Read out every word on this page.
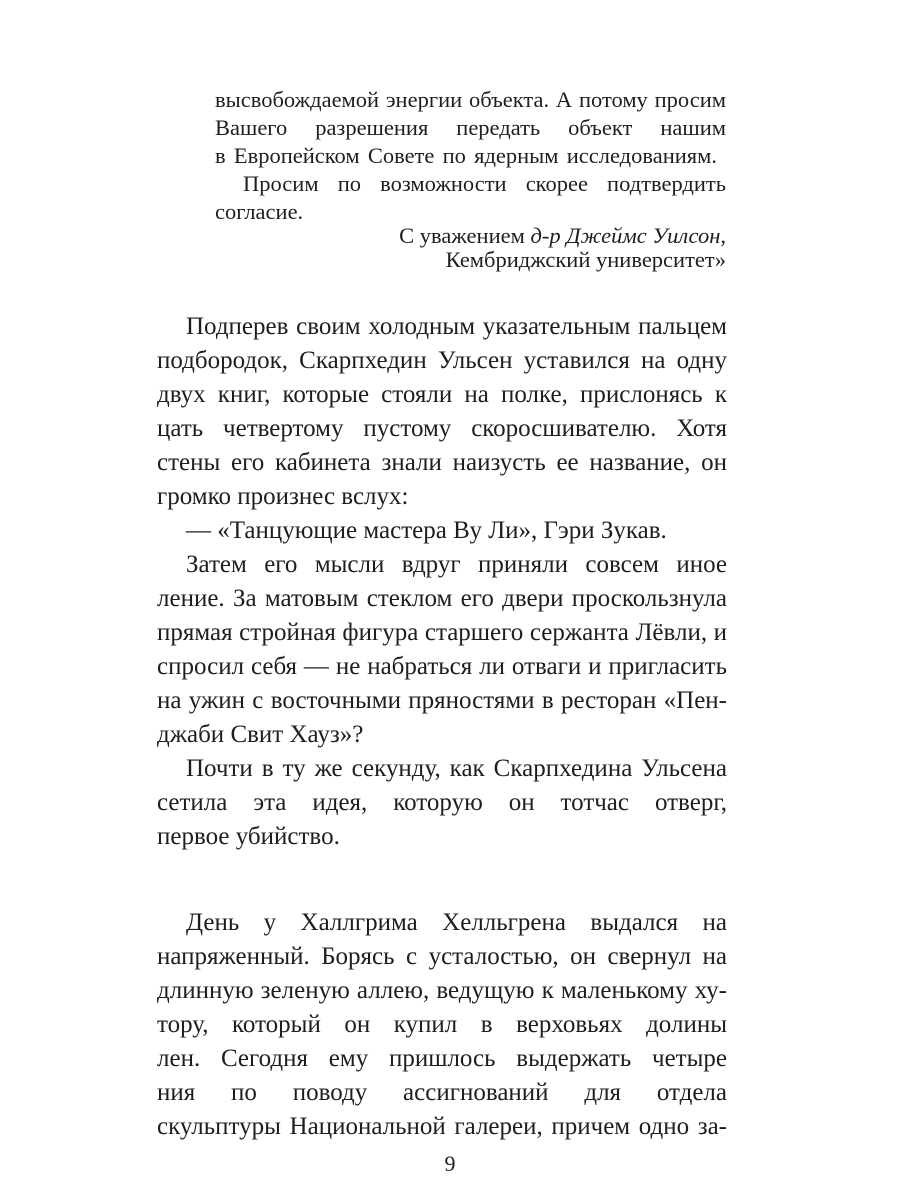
высвобождаемой энергии объекта. А потому просим

Вашего разрешения передать объект нашим

в Европейском Совете по ядерным исследованиям.

Просим по возможности скорее подтвердить

согласие.

С уважением д-р Джеймс Уилсон,

Кембриджский университет»

Подперев своим холодным указательным пальцем

подбородок, Скарпхедин Ульсен уставился на одну

двух книг, которые стояли на полке, прислонясь к

цать четвертому пустому скоросшивателю. Хотя

стены его кабинета знали наизусть ее название, он

громко произнес вслух:

— «Танцующие мастера Ву Ли», Гэри Зукав.

Затем его мысли вдруг приняли совсем иное

ление. За матовым стеклом его двери проскользнула

прямая стройная фигура старшего сержанта Лёвли, и

спросил себя — не набраться ли отваги и пригласить

на ужин с восточными пряностями в ресторан «Пен-

джаби Свит Хауз»?

Почти в ту же секунду, как Скарпхедина Ульсена

сетила эта идея, которую он тотчас отверг,

первое убийство.

День у Халлгрима Хелльгрена выдался на

напряженный. Борясь с усталостью, он свернул на

длинную зеленую аллею, ведущую к маленькому ху-

тору, который он купил в верховьях долины

лен. Сегодня ему пришлось выдержать четыре

ния по поводу ассигнований для отдела

скульптуры Национальной галереи, причем одно за-

9
